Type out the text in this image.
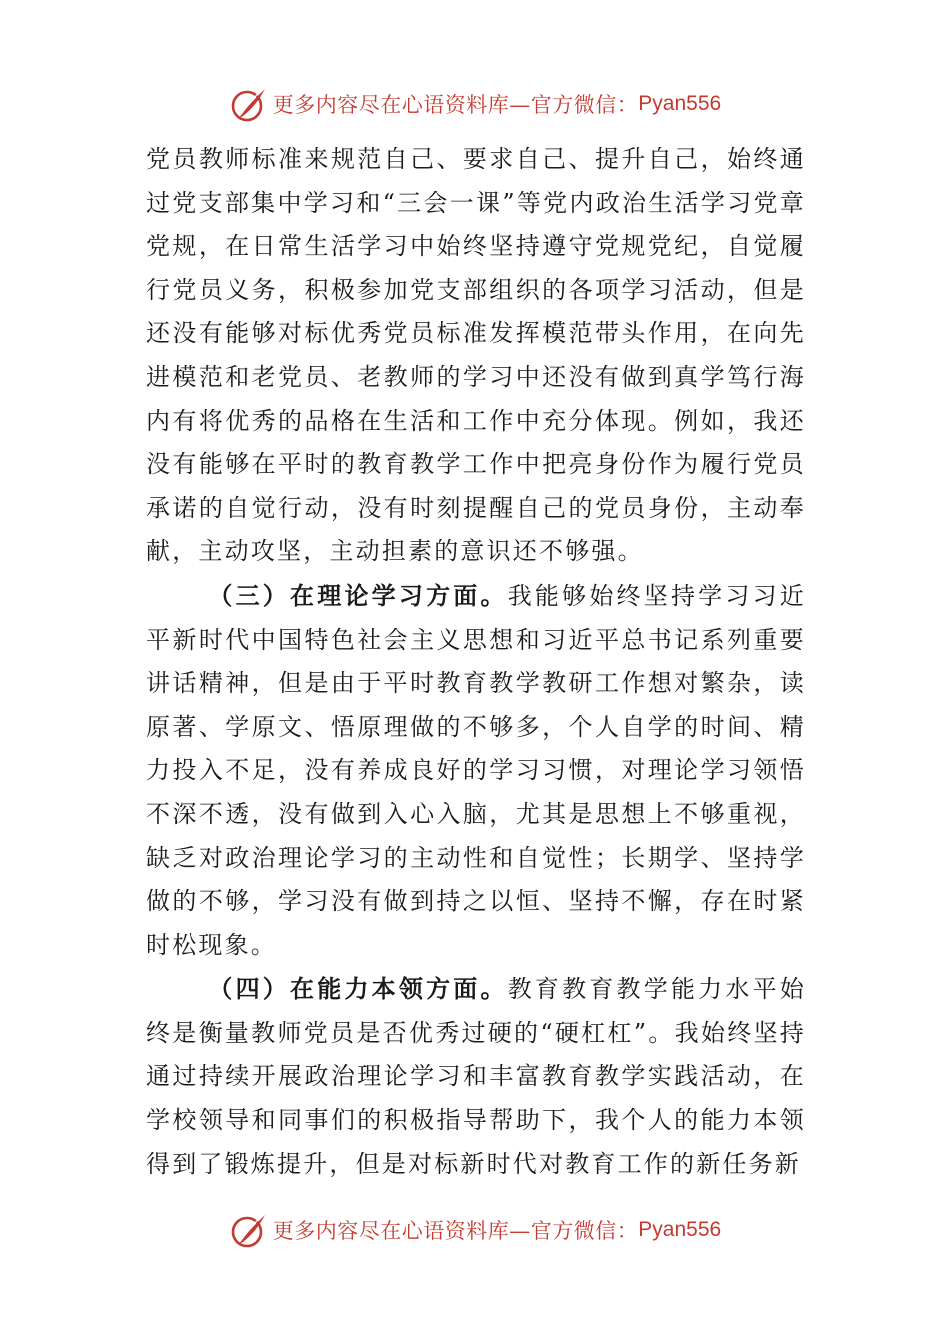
更多内容尽在心语资料库—官方微信： Pyan556

党员教师标准来规范自己、要求自己、提升自己，始终通过党支部集中学习和“三会一课”等党内政治生活学习党章党规，在日常生活学习中始终坚持遵守党规党纪，自觉履行党员义务，积极参加党支部组织的各项学习活动，但是还没有能够对标优秀党员标准发挥模范带头作用，在向先进模范和老党员、老教师的学习中还没有做到真学笃行海内有将优秀的品格在生活和工作中充分体现。例如，我还没有能够在平时的教育教学工作中把亮身份作为履行党员承诺的自觉行动，没有时刻提醒自己的党员身份，主动奉献，主动攻坚，主动担素的意识还不够强。

（三）在理论学习方面。我能够始终坚持学习习近平新时代中国特色社会主义思想和习近平总书记系列重要讲话精神，但是由于平时教育教学教研工作想对繁杂，读原著、学原文、悟原理做的不够多，个人自学的时间、精力投入不足，没有养成良好的学习习惯，对理论学习领悟不深不透，没有做到入心入脑，尤其是思想上不够重视，缺乏对政治理论学习的主动性和自觉性；长期学、坚持学做的不够，学习没有做到持之以恒、坚持不懈，存在时紧时松现象。

（四）在能力本领方面。教育教育教学能力水平始终是衡量教师党员是否优秀过硬的“硬杠杠”。我始终坚持通过持续开展政治理论学习和丰富教育教学实践活动，在学校领导和同事们的积极指导帮助下，我个人的能力本领得到了锻炼提升，但是对标新时代对教育工作的新任务新

更多内容尽在心语资料库—官方微信： Pyan556
